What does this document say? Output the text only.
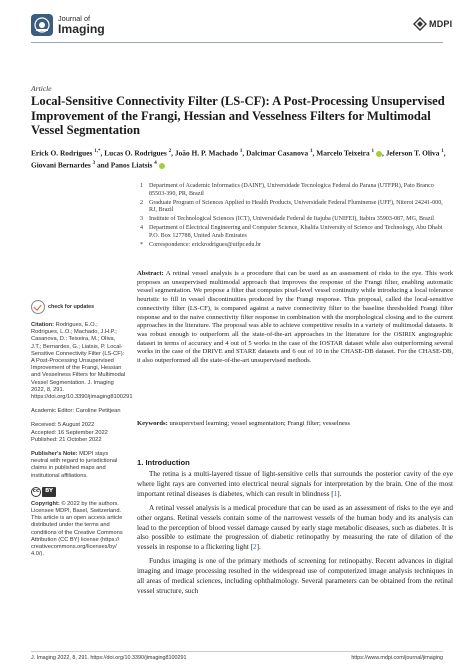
Journal of
Imaging	MDPI
Article
Local-Sensitive Connectivity Filter (LS-CF): A Post-Processing Unsupervised Improvement of the Frangi, Hessian and Vesselness Filters for Multimodal Vessel Segmentation
Erick O. Rodrigues $^{1,*}$, Lucas O. Rodrigues $^2$, João H. P. Machado $^1$, Dalcimar Casanova $^1$, Marcelo Teixeira $^1$ , Jeferson T. Oliva $^1$, Giovani Bernardes $^3$ and Panos Liatsis $^4$
1 Department of Academic Informatics (DAINF), Universidade Tecnologica Federal do Parana (UTFPR), Pato Branco 85503-390, PR, Brazil
2 Graduate Program of Sciences Applied to Health Products, Universidade Federal Fluminense (UFF), Niteroi 24241-000, RJ, Brazil
3 Institute of Technological Sciences (ICT), Universidade Federal de Itajuba (UNIFEI), Itabira 35903-087, MG, Brazil
4 Department of Electrical Engineering and Computer Science, Khalifa University of Science and Technology, Abu Dhabi P.O. Box 127788, United Arab Emirates
* Correspondence: erickrodrigues@utfpr.edu.br
check for updates
Citation: Rodrigues, E.O.; Rodrigues, L.O.; Machado, J.H.P.; Casanova, D.; Teixeira, M.; Oliva, J.T.; Bernardes, G.; Liatsis, P. Local-Sensitive Connectivity Filter (LS-CF): A Post-Processing Unsupervised Improvement of the Frangi, Hessian and Vesselness Filters for Multimodal Vessel Segmentation. J. Imaging 2022, 8, 291. https://doi.org/10.3390/jimaging8100291
Academic Editor: Caroline Petitjean
Received: 5 August 2022
Accepted: 16 September 2022
Published: 21 October 2022
Publisher's Note: MDPI stays neutral with regard to jurisdictional claims in published maps and institutional affiliations.
cc	BY
Copyright: © 2022 by the authors. Licensee MDPI, Basel, Switzerland. This article is an open access article distributed under the terms and conditions of the Creative Commons Attribution (CC BY) license (https:// creativecommons.org/licenses/by/ 4.0/).
Abstract: A retinal vessel analysis is a procedure that can be used as an assessment of risks to the eye. This work proposes an unsupervised multimodal approach that improves the response of the Frangi filter, enabling automatic vessel segmentation. We propose a filter that computes pixel-level vessel continuity while introducing a local tolerance heuristic to fill in vessel discontinuities produced by the Frangi response. This proposal, called the local-sensitive connectivity filter (LS-CF), is compared against a naive connectivity filter to the baseline thresholded Frangi filter response and to the naive connectivity filter response in combination with the morphological closing and to the current approaches in the literature. The proposal was able to achieve competitive results in a variety of multimodal datasets. It was robust enough to outperform all the state-of-the-art approaches in the literature for the OSIRIX angiographic dataset in terms of accuracy and 4 out of 5 works in the case of the IOSTAR dataset while also outperforming several works in the case of the DRIVE and STARE datasets and 6 out of 10 in the CHASE-DB dataset. For the CHASE-DB, it also outperformed all the state-of-the-art unsupervised methods.
Keywords: unsupervised learning; vessel segmentation; Frangi filter; vesselness
1. Introduction

The retina is a multi-layered tissue of light-sensitive cells that surrounds the posterior cavity of the eye where light rays are converted into electrical neural signals for interpretation by the brain. One of the most important retinal diseases is diabetes, which can result in blindness [1].

A retinal vessel analysis is a medical procedure that can be used as an assessment of risks to the eye and other organs. Retinal vessels contain some of the narrowest vessels of the human body and its analysis can lead to the perception of blood vessel damage caused by early stage metabolic diseases, such as diabetes. It is also possible to estimate the progression of diabetic retinopathy by measuring the rate of dilation of the vessels in response to a flickering light [2].

Fundus imaging is one of the primary methods of screening for retinopathy. Recent advances in digital imaging and image processing resulted in the widespread use of computerized image analysis techniques in all areas of medical sciences, including ophthalmology. Several parameters can be obtained from the retinal vessel structure, such

J. Imaging 2022, 8, 291. https://doi.org/10.3390/jimaging8100291	https://www.mdpi.com/journal/jimaging
